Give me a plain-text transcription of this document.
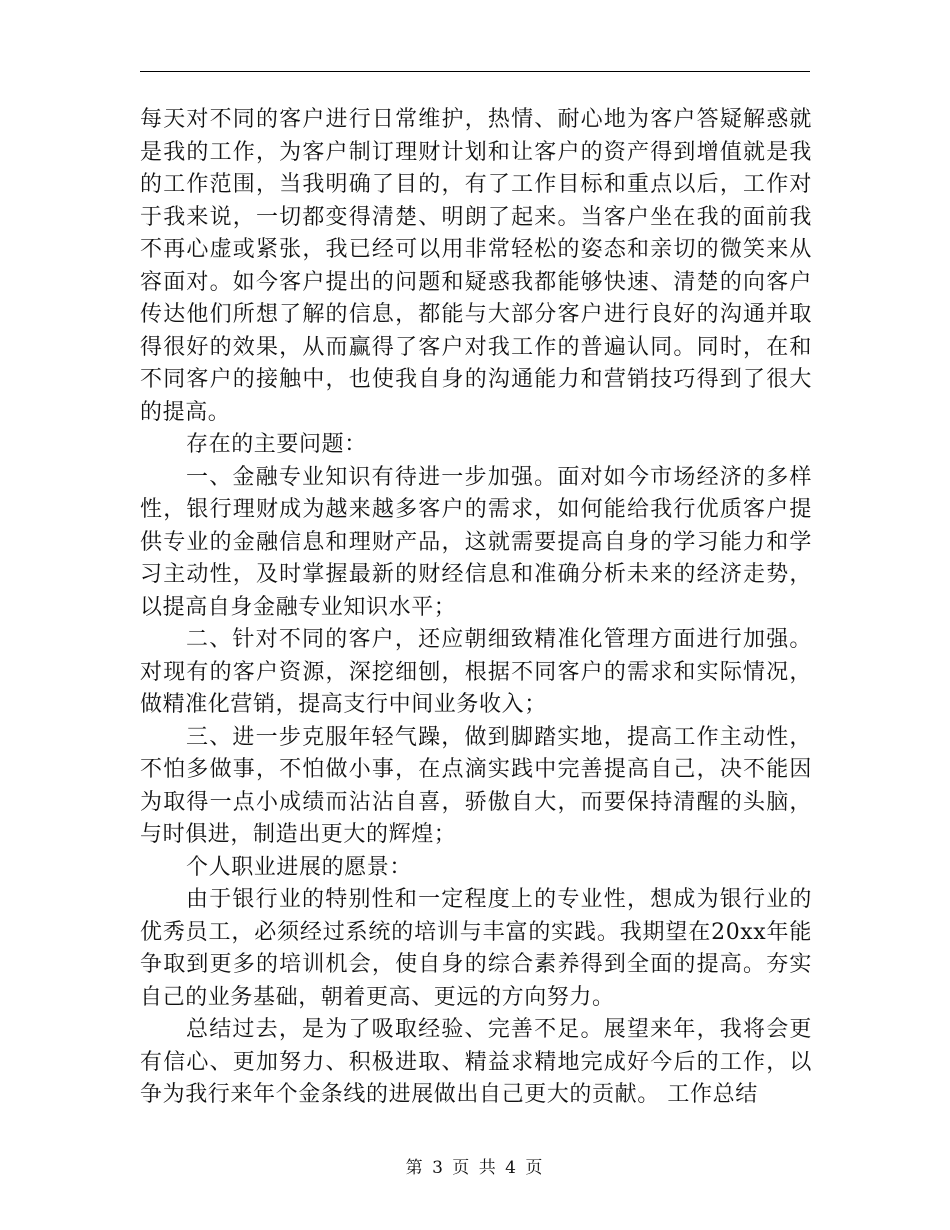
每天对不同的客户进行日常维护，热情、耐心地为客户答疑解惑就是我的工作，为客户制订理财计划和让客户的资产得到增值就是我的工作范围，当我明确了目的，有了工作目标和重点以后，工作对于我来说，一切都变得清楚、明朗了起来。当客户坐在我的面前我不再心虚或紧张，我已经可以用非常轻松的姿态和亲切的微笑来从容面对。如今客户提出的问题和疑惑我都能够快速、清楚的向客户传达他们所想了解的信息，都能与大部分客户进行良好的沟通并取得很好的效果，从而赢得了客户对我工作的普遍认同。同时，在和不同客户的接触中，也使我自身的沟通能力和营销技巧得到了很大的提高。

存在的主要问题：

一、金融专业知识有待进一步加强。面对如今市场经济的多样性，银行理财成为越来越多客户的需求，如何能给我行优质客户提供专业的金融信息和理财产品，这就需要提高自身的学习能力和学习主动性，及时掌握最新的财经信息和准确分析未来的经济走势，以提高自身金融专业知识水平；

二、针对不同的客户，还应朝细致精准化管理方面进行加强。对现有的客户资源，深挖细刨，根据不同客户的需求和实际情况，做精准化营销，提高支行中间业务收入；

三、进一步克服年轻气躁，做到脚踏实地，提高工作主动性，不怕多做事，不怕做小事，在点滴实践中完善提高自己，决不能因为取得一点小成绩而沾沾自喜，骄傲自大，而要保持清醒的头脑，与时俱进，制造出更大的辉煌；

个人职业进展的愿景：

由于银行业的特别性和一定程度上的专业性，想成为银行业的优秀员工，必须经过系统的培训与丰富的实践。我期望在20xx年能争取到更多的培训机会，使自身的综合素养得到全面的提高。夯实自己的业务基础，朝着更高、更远的方向努力。

总结过去，是为了吸取经验、完善不足。展望来年，我将会更有信心、更加努力、积极进取、精益求精地完成好今后的工作，以争为我行来年个金条线的进展做出自己更大的贡献。 工作总结

第 3 页 共 4 页
